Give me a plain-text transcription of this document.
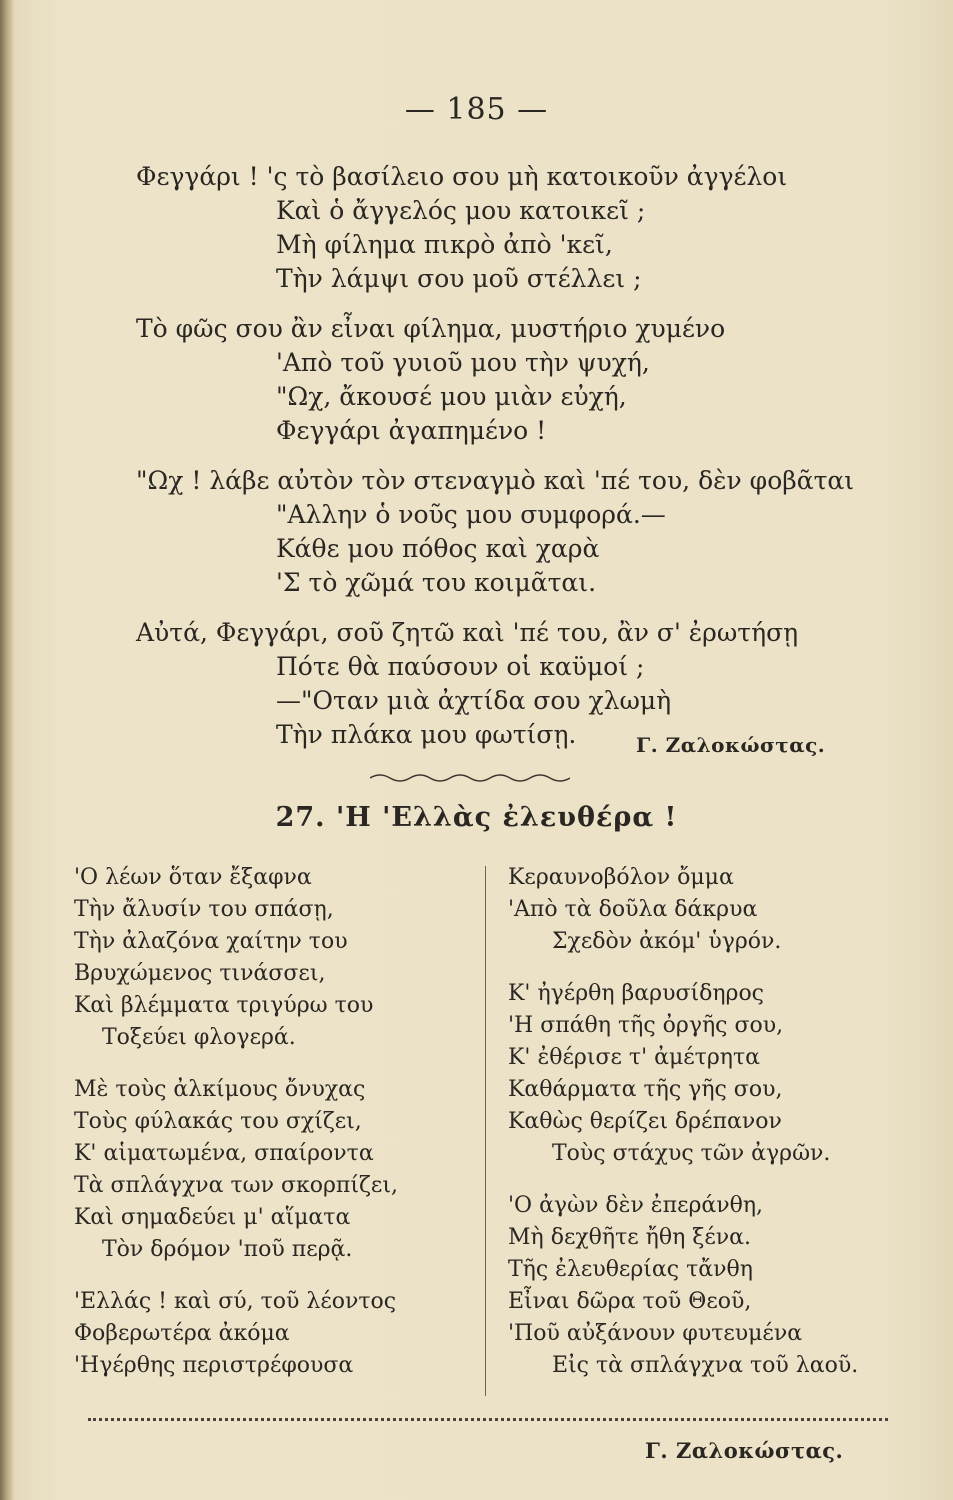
— 185 —
Φεγγάρι ! 'ς τὸ βασίλειο σου μὴ κατοικοῦν ἀγγέλοι
Καὶ ὁ ἄγγελός μου κατοικεῖ ;
Μὴ φίλημα πικρὸ ἀπὸ 'κεῖ,
Τὴν λάμψι σου μοῦ στέλλει ;
Τὸ φῶς σου ἂν εἶναι φίλημα, μυστήριο χυμένο
'Απὸ τοῦ γυιοῦ μου τὴν ψυχή,
"Ωχ, ἄκουσέ μου μιὰν εὐχή,
Φεγγάρι ἀγαπημένο !
"Ωχ ! λάβε αὐτὸν τὸν στεναγμὸ καὶ 'πέ του, δὲν φοβᾶται
"Αλλην ὁ νοῦς μου συμφορά.—
Κάθε μου πόθος καὶ χαρὰ
'Σ τὸ χῶμά του κοιμᾶται.
Αὐτά, Φεγγάρι, σοῦ ζητῶ καὶ 'πέ του, ἂν σ' ἐρωτήσῃ
Πότε θὰ παύσουν οἱ καϋμοί ;
—"Οταν μιὰ ἀχτίδα σου χλωμὴ
Τὴν πλάκα μου φωτίσῃ.	Γ. Ζαλοκώστας.
27. 'Η 'Ελλὰς ἐλευθέρα !
'Ο λέων ὅταν ἔξαφνα
Τὴν ἄλυσίν του σπάσῃ,
Τὴν ἀλαζόνα χαίτην του
Βρυχώμενος τινάσσει,
Καὶ βλέμματα τριγύρω του
Τοξεύει φλογερά.
Μὲ τοὺς ἀλκίμους ὄνυχας
Τοὺς φύλακάς του σχίζει,
Κ' αἱματωμένα, σπαίροντα
Τὰ σπλάγχνα των σκορπίζει,
Καὶ σημαδεύει μ' αἵματα
Τὸν δρόμον 'ποῦ περᾷ.
'Ελλάς ! καὶ σύ, τοῦ λέοντος
Φοβερωτέρα ἀκόμα
'Ηγέρθης περιστρέφουσα
Κεραυνοβόλον ὄμμα
'Απὸ τὰ δοῦλα δάκρυα
Σχεδὸν ἀκόμ' ὑγρόν.
Κ' ἠγέρθη βαρυσίδηρος
'Η σπάθη τῆς ὀργῆς σου,
Κ' ἐθέρισε τ' ἀμέτρητα
Καθάρματα τῆς γῆς σου,
Καθὼς θερίζει δρέπανον
Τοὺς στάχυς τῶν ἀγρῶν.
'Ο ἀγὼν δὲν ἐπεράνθη,
Μὴ δεχθῆτε ἤθη ξένα.
Τῆς ἐλευθερίας τἄνθη
Εἶναι δῶρα τοῦ Θεοῦ,
'Ποῦ αὐξάνουν φυτευμένα
Εἰς τὰ σπλάγχνα τοῦ λαοῦ.
Γ. Ζαλοκώστας.
